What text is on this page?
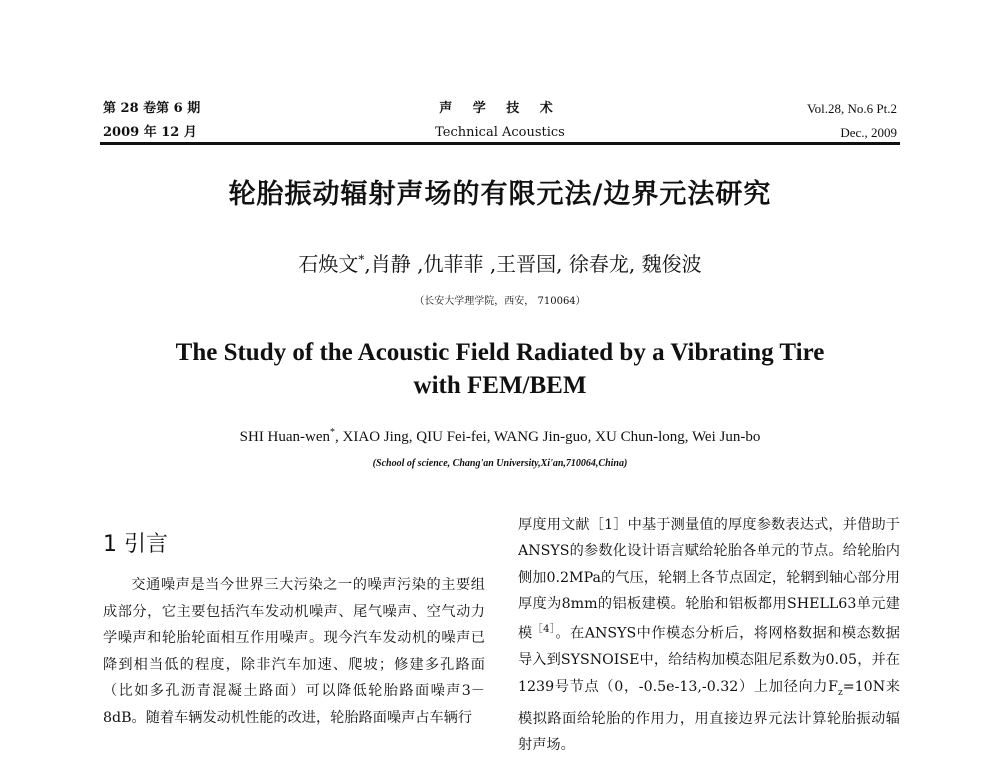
第 28 卷第 6 期
2009 年 12 月
声 学 技 术
Technical Acoustics
Vol.28, No.6 Pt.2
Dec., 2009
轮胎振动辐射声场的有限元法/边界元法研究
石焕文*,肖静 ,仇菲菲 ,王晋国, 徐春龙, 魏俊波
（长安大学理学院，西安， 710064）
The Study of the Acoustic Field Radiated by a Vibrating Tire
with FEM/BEM
SHI Huan-wen*, XIAO Jing, QIU Fei-fei, WANG Jin-guo, XU Chun-long, Wei Jun-bo
(School of science, Chang'an University,Xi'an,710064,China)
1 引言

交通噪声是当今世界三大污染之一的噪声污染的主要组成部分，它主要包括汽车发动机噪声、尾气噪声、空气动力学噪声和轮胎轮面相互作用噪声。现今汽车发动机的噪声已降到相当低的程度，除非汽车加速、爬坡；修建多孔路面（比如多孔沥青混凝土路面）可以降低轮胎路面噪声3－8dB。随着车辆发动机性能的改进，轮胎路面噪声占车辆行

厚度用文献［1］中基于测量值的厚度参数表达式，并借助于ANSYS的参数化设计语言赋给轮胎各单元的节点。给轮胎内侧加0.2MPa的气压，轮辋上各节点固定，轮辋到轴心部分用厚度为8mm的铝板建模。轮胎和铝板都用SHELL63单元建模$^{[4]}$。在ANSYS中作模态分析后，将网格数据和模态数据导入到SYSNOISE中，给结构加模态阻尼系数为0.05，并在1239号节点（0，-0.5e-13,-0.32）上加径向力$F_z=10N$来模拟路面给轮胎的作用力，用直接边界元法计算轮胎振动辐射声场。
